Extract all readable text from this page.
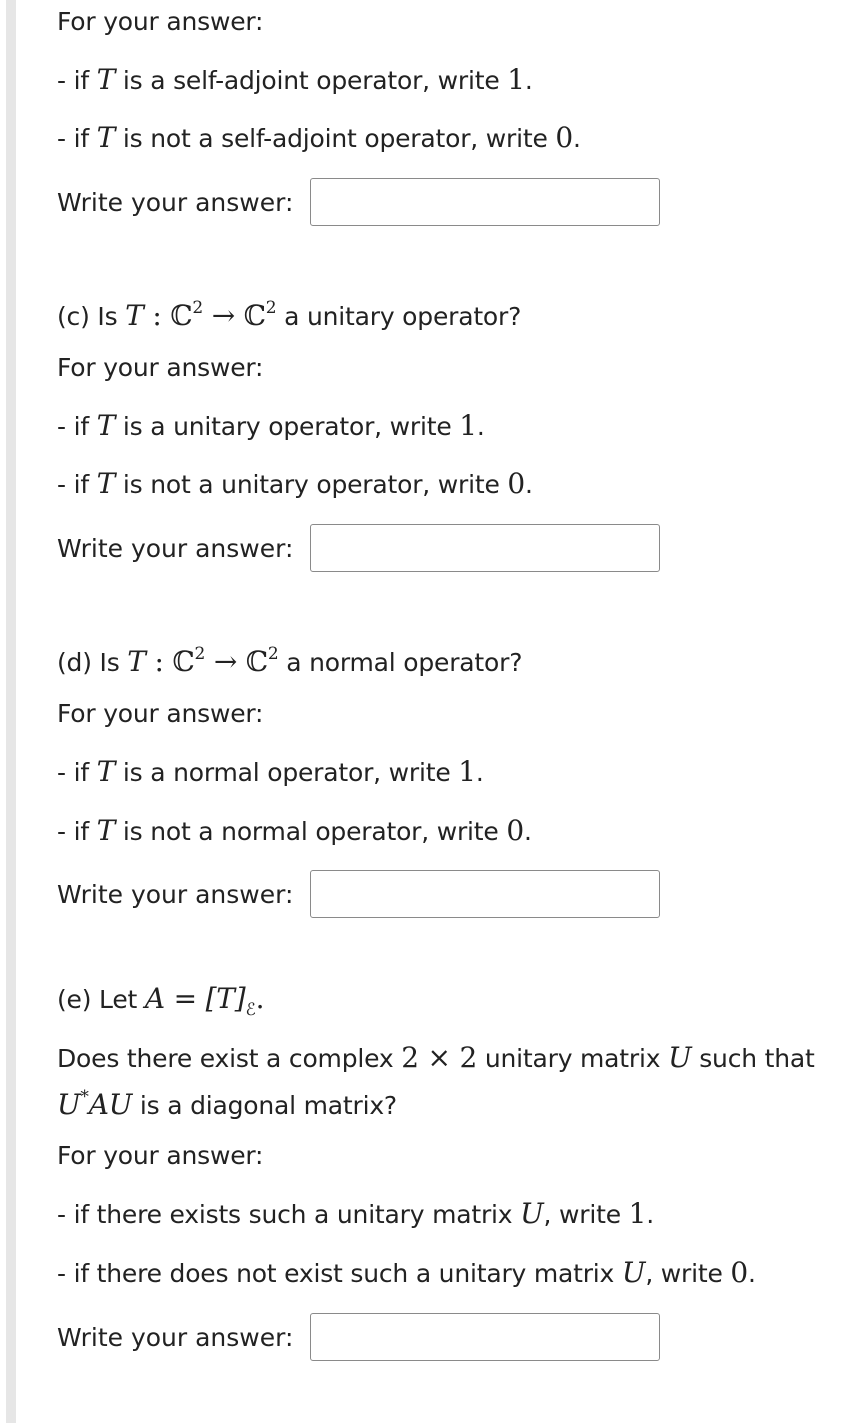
For your answer:
- if T is a self-adjoint operator, write 1.
- if T is not a self-adjoint operator, write 0.
Write your answer:
(c) Is T : ℂ$^2$ → ℂ$^2$ a unitary operator?
For your answer:
- if T is a unitary operator, write 1.
- if T is not a unitary operator, write 0.
Write your answer:
(d) Is T : ℂ$^2$ → ℂ$^2$ a normal operator?
For your answer:
- if T is a normal operator, write 1.
- if T is not a normal operator, write 0.
Write your answer:
(e) Let $A = [T]_ℰ$.
Does there exist a complex 2 × 2 unitary matrix U such that
U*AU is a diagonal matrix?
For your answer:
- if there exists such a unitary matrix U, write 1.
- if there does not exist such a unitary matrix U, write 0.
Write your answer:
